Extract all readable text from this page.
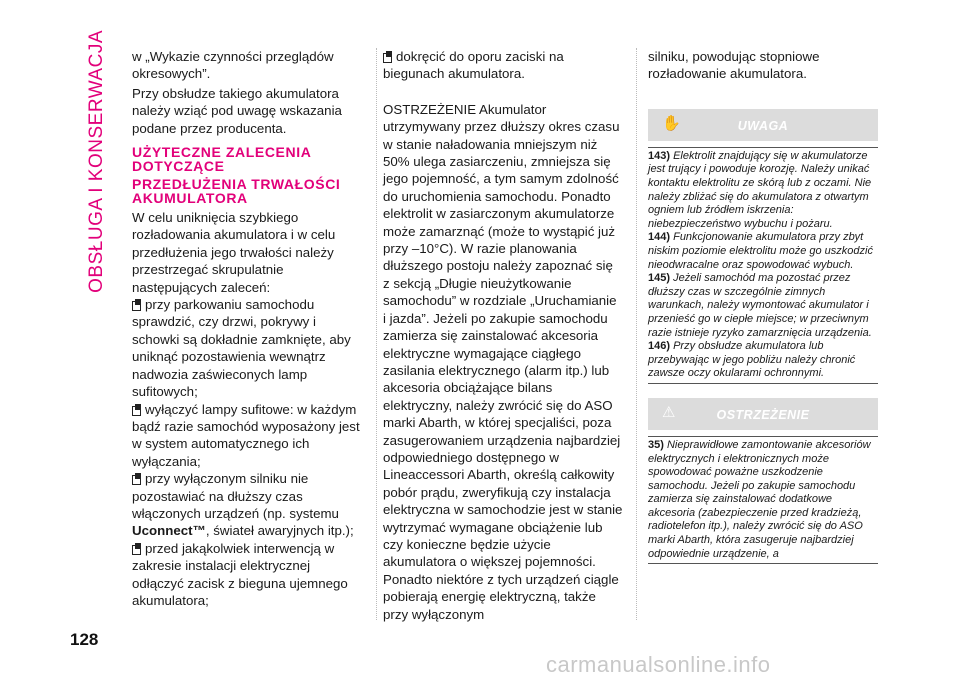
OBSŁUGA I KONSERWACJA
128

w „Wykazie czynności przeglądów okresowych”.

Przy obsłudze takiego akumulatora należy wziąć pod uwagę wskazania podane przez producenta.

UŻYTECZNE ZALECENIA DOTYCZĄCE
PRZEDŁUŻENIA TRWAŁOŚCI AKUMULATORA

W celu uniknięcia szybkiego rozładowania akumulatora i w celu przedłużenia jego trwałości należy przestrzegać skrupulatnie następujących zaleceń:

przy parkowaniu samochodu sprawdzić, czy drzwi, pokrywy i schowki są dokładnie zamknięte, aby uniknąć pozostawienia wewnątrz nadwozia zaświeconych lamp sufitowych;

wyłączyć lampy sufitowe: w każdym bądź razie samochód wyposażony jest w system automatycznego ich wyłączania;

przy wyłączonym silniku nie pozostawiać na dłuższy czas włączonych urządzeń (np. systemu Uconnect™, świateł awaryjnych itp.);

przed jakąkolwiek interwencją w zakresie instalacji elektrycznej odłączyć zacisk z bieguna ujemnego akumulatora;

dokręcić do oporu zaciski na biegunach akumulatora.

OSTRZEŻENIE Akumulator utrzymywany przez dłuższy okres czasu w stanie naładowania mniejszym niż 50% ulega zasiarczeniu, zmniejsza się jego pojemność, a tym samym zdolność do uruchomienia samochodu. Ponadto elektrolit w zasiarczonym akumulatorze może zamarznąć (może to wystąpić już przy –10°C). W razie planowania dłuższego postoju należy zapoznać się z sekcją „Długie nieużytkowanie samochodu” w rozdziale „Uruchamianie i jazda”. Jeżeli po zakupie samochodu zamierza się zainstalować akcesoria elektryczne wymagające ciągłego zasilania elektrycznego (alarm itp.) lub akcesoria obciążające bilans elektryczny, należy zwrócić się do ASO marki Abarth, w której specjaliści, poza zasugerowaniem urządzenia najbardziej odpowiedniego dostępnego w Lineaccessori Abarth, określą całkowity pobór prądu, zweryfikują czy instalacja elektryczna w samochodzie jest w stanie wytrzymać wymagane obciążenie lub czy konieczne będzie użycie akumulatora o większej pojemności. Ponadto niektóre z tych urządzeń ciągle pobierają energię elektryczną, także przy wyłączonym

silniku, powodując stopniowe rozładowanie akumulatora.

✋	UWAGA
143) Elektrolit znajdujący się w akumulatorze jest trujący i powoduje korozję. Należy unikać kontaktu elektrolitu ze skórą lub z oczami. Nie należy zbliżać się do akumulatora z otwartym ogniem lub źródłem iskrzenia: niebezpieczeństwo wybuchu i pożaru.
144) Funkcjonowanie akumulatora przy zbyt niskim poziomie elektrolitu może go uszkodzić nieodwracalne oraz spowodować wybuch.
145) Jeżeli samochód ma pozostać przez dłuższy czas w szczególnie zimnych warunkach, należy wymontować akumulator i przenieść go w ciepłe miejsce; w przeciwnym razie istnieje ryzyko zamarznięcia urządzenia.
146) Przy obsłudze akumulatora lub przebywając w jego pobliżu należy chronić zawsze oczy okularami ochronnymi.
⚠	OSTRZEŻENIE
35) Nieprawidłowe zamontowanie akcesoriów elektrycznych i elektronicznych może spowodować poważne uszkodzenie samochodu. Jeżeli po zakupie samochodu zamierza się zainstalować dodatkowe akcesoria (zabezpieczenie przed kradzieżą, radiotelefon itp.), należy zwrócić się do ASO marki Abarth, która zasugeruje najbardziej odpowiednie urządzenie, a
carmanualsonline.info
